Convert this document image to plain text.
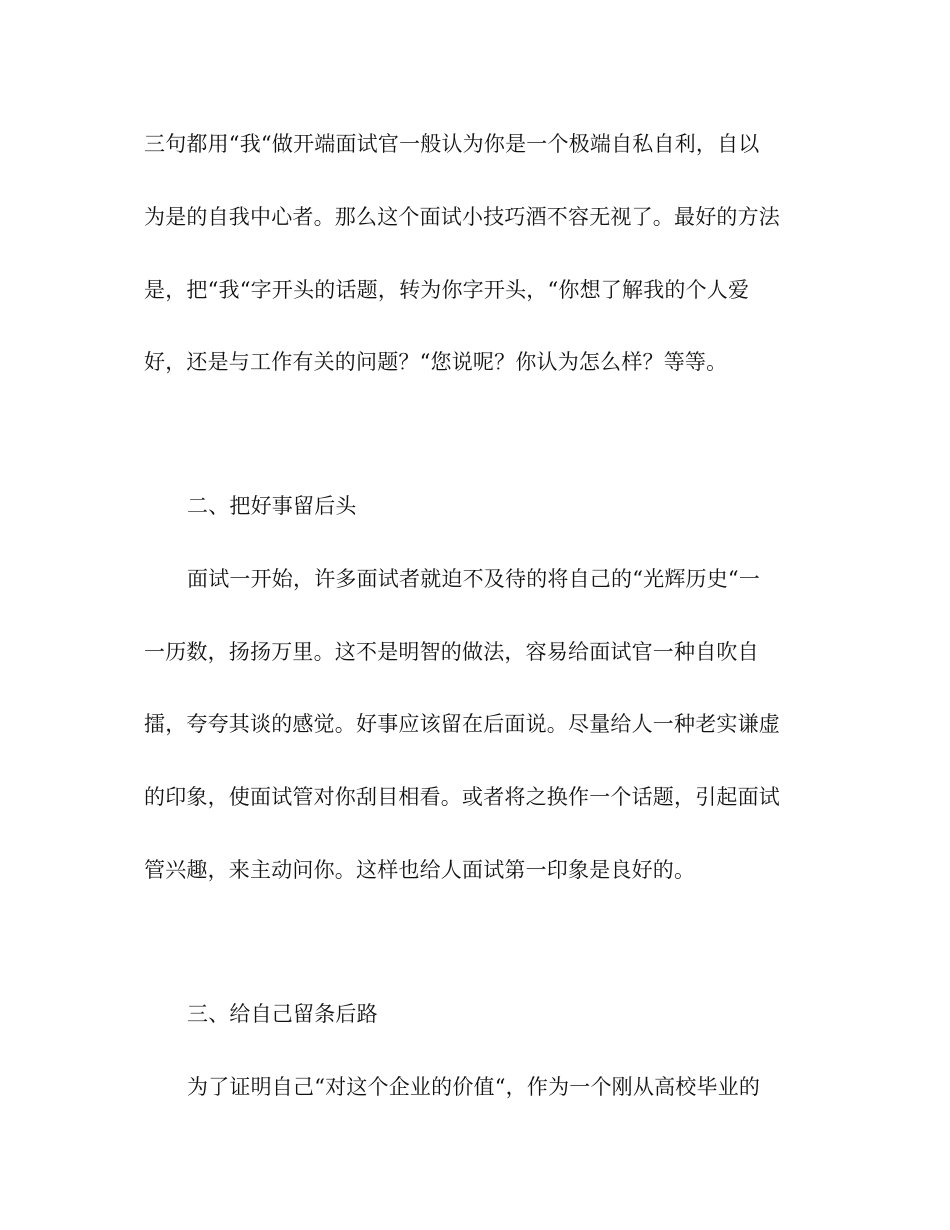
三句都用“我“做开端面试官一般认为你是一个极端自私自利，自以

为是的自我中心者。那么这个面试小技巧酒不容无视了。最好的方法

是，把“我“字开头的话题，转为你字开头，“你想了解我的个人爱

好，还是与工作有关的问题？“您说呢？你认为怎么样？等等。

二、把好事留后头

面试一开始，许多面试者就迫不及待的将自己的“光辉历史“一

一历数，扬扬万里。这不是明智的做法，容易给面试官一种自吹自

擂，夸夸其谈的感觉。好事应该留在后面说。尽量给人一种老实谦虚

的印象，使面试管对你刮目相看。或者将之换作一个话题，引起面试

管兴趣，来主动问你。这样也给人面试第一印象是良好的。

三、给自己留条后路

为了证明自己“对这个企业的价值“，作为一个刚从高校毕业的
